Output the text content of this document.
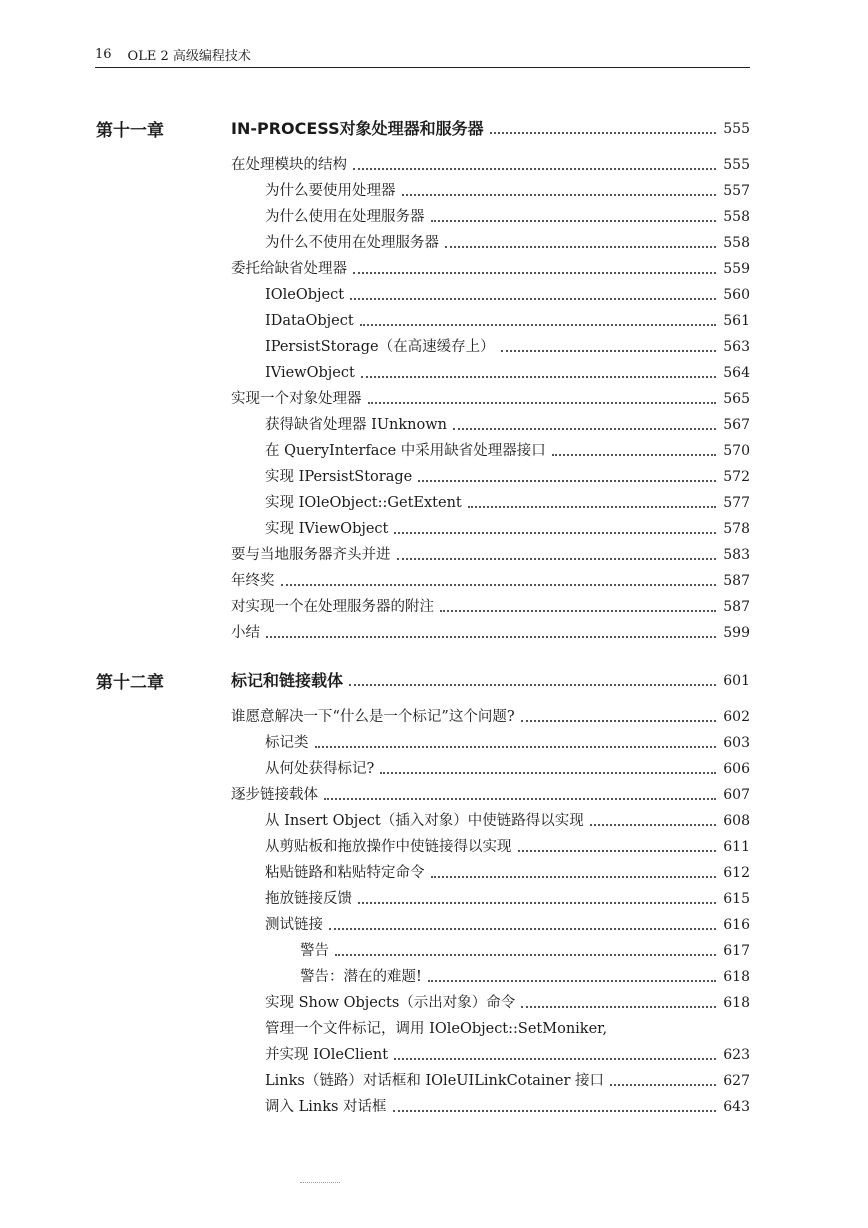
16 OLE 2 高级编程技术
第十一章	IN-PROCESS对象处理器和服务器	555
在处理模块的结构	555
为什么要使用处理器	557
为什么使用在处理服务器	558
为什么不使用在处理服务器	558
委托给缺省处理器	559
IOleObject	560
IDataObject	561
IPersistStorage（在高速缓存上）	563
IViewObject	564
实现一个对象处理器	565
获得缺省处理器 IUnknown	567
在 QueryInterface 中采用缺省处理器接口	570
实现 IPersistStorage	572
实现 IOleObject::GetExtent	577
实现 IViewObject	578
要与当地服务器齐头并进	583
年终奖	587
对实现一个在处理服务器的附注	587
小结	599
第十二章	标记和链接载体	601
谁愿意解决一下“什么是一个标记”这个问题?	602
标记类	603
从何处获得标记?	606
逐步链接载体	607
从 Insert Object（插入对象）中使链路得以实现	608
从剪贴板和拖放操作中使链接得以实现	611
粘贴链路和粘贴特定命令	612
拖放链接反馈	615
测试链接	616
警告	617
警告：潜在的难题!	618
实现 Show Objects（示出对象）命令	618
管理一个文件标记，调用 IOleObject::SetMoniker,
并实现 IOleClient	623
Links（链路）对话框和 IOleUILinkCotainer 接口	627
调入 Links 对话框	643
